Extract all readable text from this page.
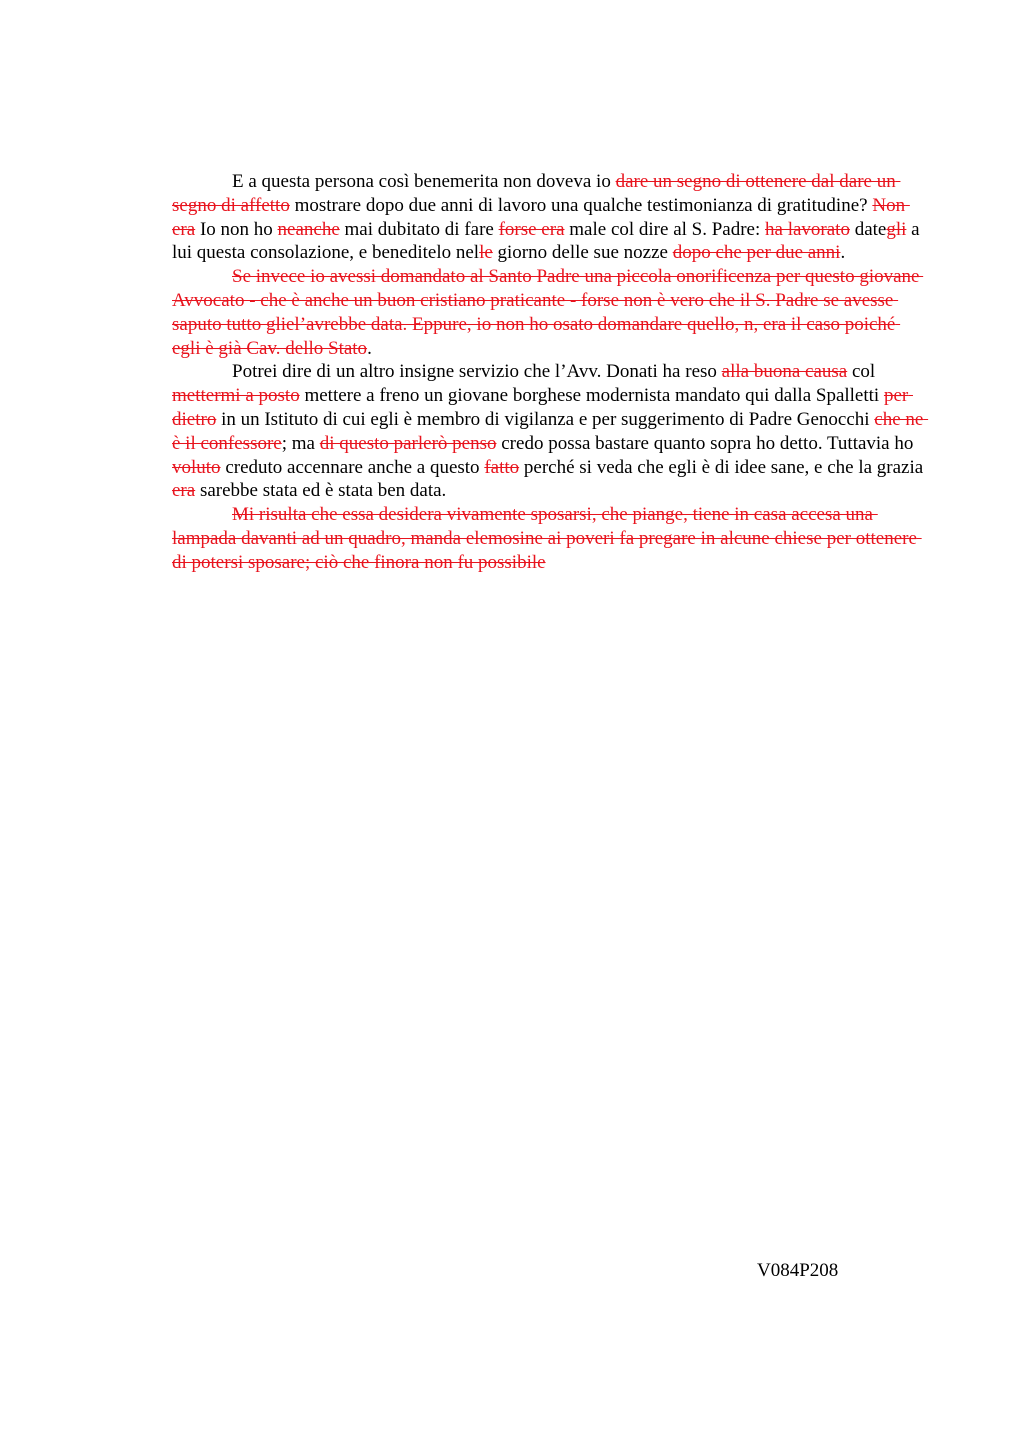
E a questa persona così benemerita non doveva io dare un segno di ottenere dal dare un segno di affetto mostrare dopo due anni di lavoro una qualche testimonianza di gratitudine? Non era Io non ho neanche mai dubitato di fare forse era male col dire al S. Padre: ha lavorato dategli a lui questa consolazione, e beneditelo nelle giorno delle sue nozze dopo che per due anni.

Se invece io avessi domandato al Santo Padre una piccola onorificenza per questo giovane Avvocato - che è anche un buon cristiano praticante - forse non è vero che il S. Padre se avesse saputo tutto gliel’avrebbe data. Eppure, io non ho osato domandare quello, n, era il caso poiché egli è già Cav. dello Stato.

Potrei dire di un altro insigne servizio che l’Avv. Donati ha reso alla buona causa col mettermi a posto mettere a freno un giovane borghese modernista mandato qui dalla Spalletti per dietro in un Istituto di cui egli è membro di vigilanza e per suggerimento di Padre Genocchi che ne è il confessore; ma di questo parlerò penso credo possa bastare quanto sopra ho detto. Tuttavia ho voluto creduto accennare anche a questo fatto perché si veda che egli è di idee sane, e che la grazia era sarebbe stata ed è stata ben data.

Mi risulta che essa desidera vivamente sposarsi, che piange, tiene in casa accesa una lampada davanti ad un quadro, manda elemosine ai poveri fa pregare in alcune chiese per ottenere di potersi sposare; ciò che finora non fu possibile

V084P208
